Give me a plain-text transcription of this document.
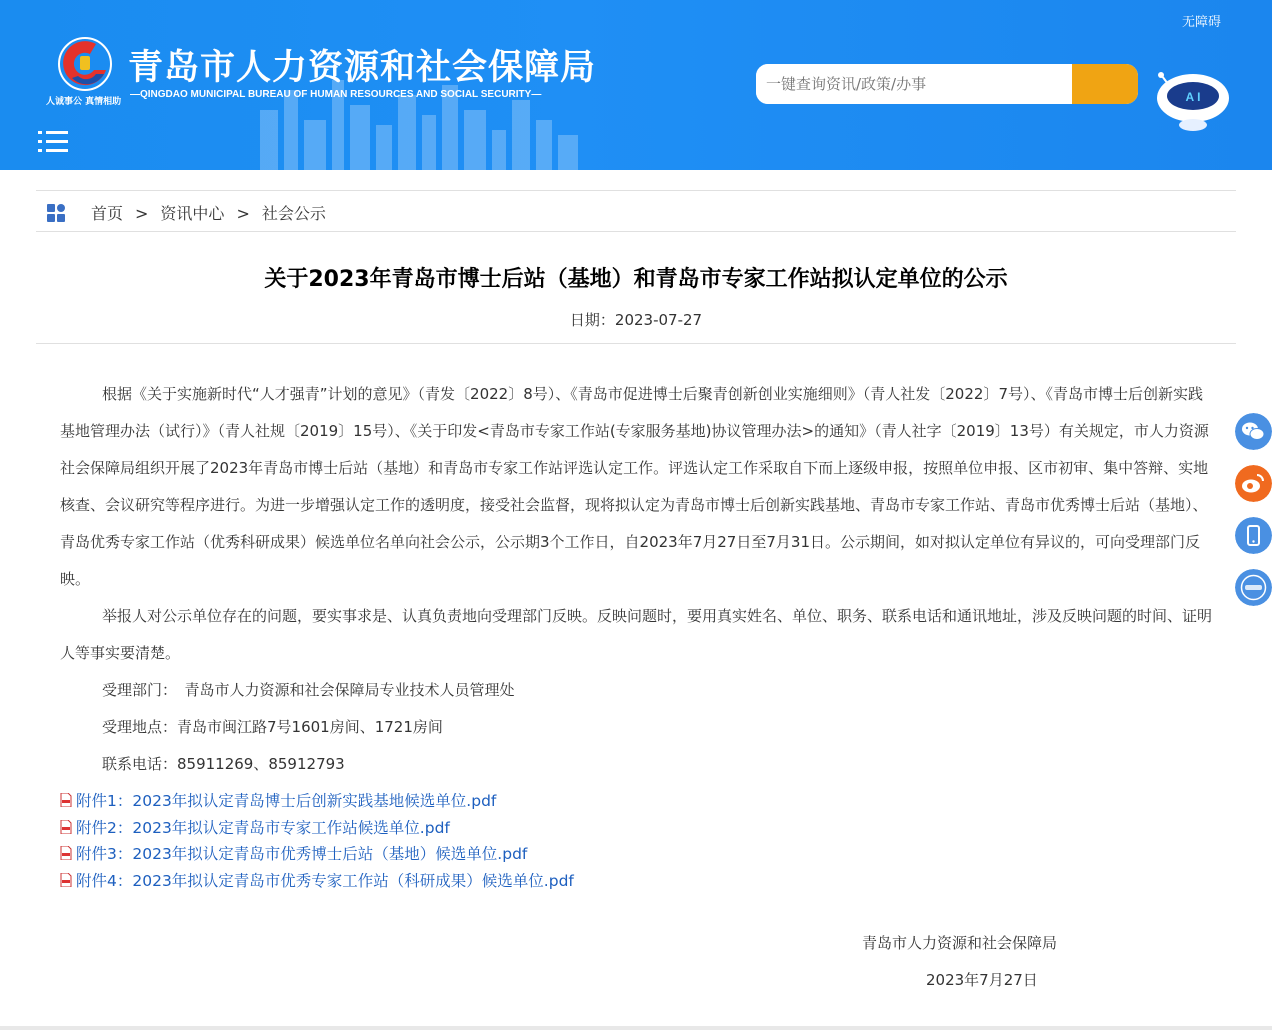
人诚事公 真情相助
青岛市人力资源和社会保障局
—QINGDAO MUNICIPAL BUREAU OF HUMAN RESOURCES AND SOCIAL SECURITY—
无障碍
一键查询资讯/政策/办事
A I
首页 > 资讯中心 > 社会公示
关于2023年青岛市博士后站（基地）和青岛市专家工作站拟认定单位的公示
日期：2023-07-27

根据《关于实施新时代“人才强青”计划的意见》（青发〔2022〕8号）、《青岛市促进博士后聚青创新创业实施细则》（青人社发〔2022〕7号）、《青岛市博士后创新实践基地管理办法（试行）》（青人社规〔2019〕15号）、《关于印发<青岛市专家工作站(专家服务基地)协议管理办法>的通知》（青人社字〔2019〕13号）有关规定，市人力资源社会保障局组织开展了2023年青岛市博士后站（基地）和青岛市专家工作站评选认定工作。评选认定工作采取自下而上逐级申报，按照单位申报、区市初审、集中答辩、实地核查、会议研究等程序进行。为进一步增强认定工作的透明度，接受社会监督，现将拟认定为青岛市博士后创新实践基地、青岛市专家工作站、青岛市优秀博士后站（基地）、青岛优秀专家工作站（优秀科研成果）候选单位名单向社会公示，公示期3个工作日，自2023年7月27日至7月31日。公示期间，如对拟认定单位有异议的，可向受理部门反映。

举报人对公示单位存在的问题，要实事求是、认真负责地向受理部门反映。反映问题时，要用真实姓名、单位、职务、联系电话和通讯地址，涉及反映问题的时间、证明人等事实要清楚。

受理部门：　青岛市人力资源和社会保障局专业技术人员管理处
受理地点：青岛市闽江路7号1601房间、1721房间
联系电话：85911269、85912793
附件1：2023年拟认定青岛博士后创新实践基地候选单位.pdf
附件2：2023年拟认定青岛市专家工作站候选单位.pdf
附件3：2023年拟认定青岛市优秀博士后站（基地）候选单位.pdf
附件4：2023年拟认定青岛市优秀专家工作站（科研成果）候选单位.pdf
青岛市人力资源和社会保障局
2023年7月27日
